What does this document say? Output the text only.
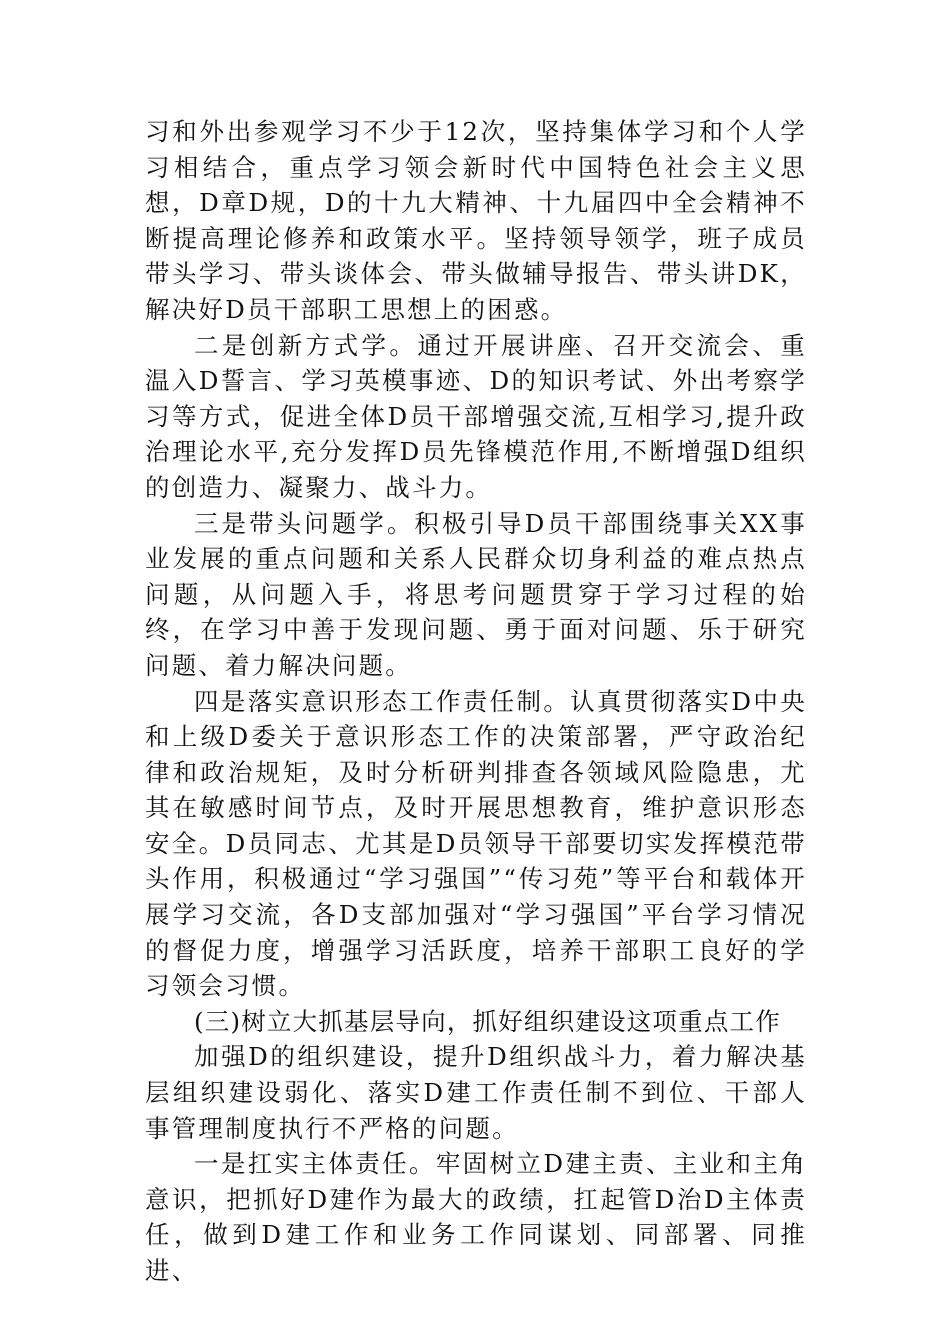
习和外出参观学习不少于12次，坚持集体学习和个人学习相结合，重点学习领会新时代中国特色社会主义思想，D章D规，D的十九大精神、十九届四中全会精神不断提高理论修养和政策水平。坚持领导领学，班子成员带头学习、带头谈体会、带头做辅导报告、带头讲DK，解决好D员干部职工思想上的困惑。

二是创新方式学。通过开展讲座、召开交流会、重温入D誓言、学习英模事迹、D的知识考试、外出考察学习等方式，促进全体D员干部增强交流,互相学习,提升政治理论水平,充分发挥D员先锋模范作用,不断增强D组织的创造力、凝聚力、战斗力。

三是带头问题学。积极引导D员干部围绕事关XX事业发展的重点问题和关系人民群众切身利益的难点热点问题，从问题入手，将思考问题贯穿于学习过程的始终，在学习中善于发现问题、勇于面对问题、乐于研究问题、着力解决问题。

四是落实意识形态工作责任制。认真贯彻落实D中央和上级D委关于意识形态工作的决策部署，严守政治纪律和政治规矩，及时分析研判排查各领域风险隐患，尤其在敏感时间节点，及时开展思想教育，维护意识形态安全。D员同志、尤其是D员领导干部要切实发挥模范带头作用，积极通过“学习强国”“传习苑”等平台和载体开展学习交流，各D支部加强对“学习强国”平台学习情况的督促力度，增强学习活跃度，培养干部职工良好的学习领会习惯。

(三)树立大抓基层导向，抓好组织建设这项重点工作

加强D的组织建设，提升D组织战斗力，着力解决基层组织建设弱化、落实D建工作责任制不到位、干部人事管理制度执行不严格的问题。

一是扛实主体责任。牢固树立D建主责、主业和主角意识，把抓好D建作为最大的政绩，扛起管D治D主体责任，做到D建工作和业务工作同谋划、同部署、同推进、
